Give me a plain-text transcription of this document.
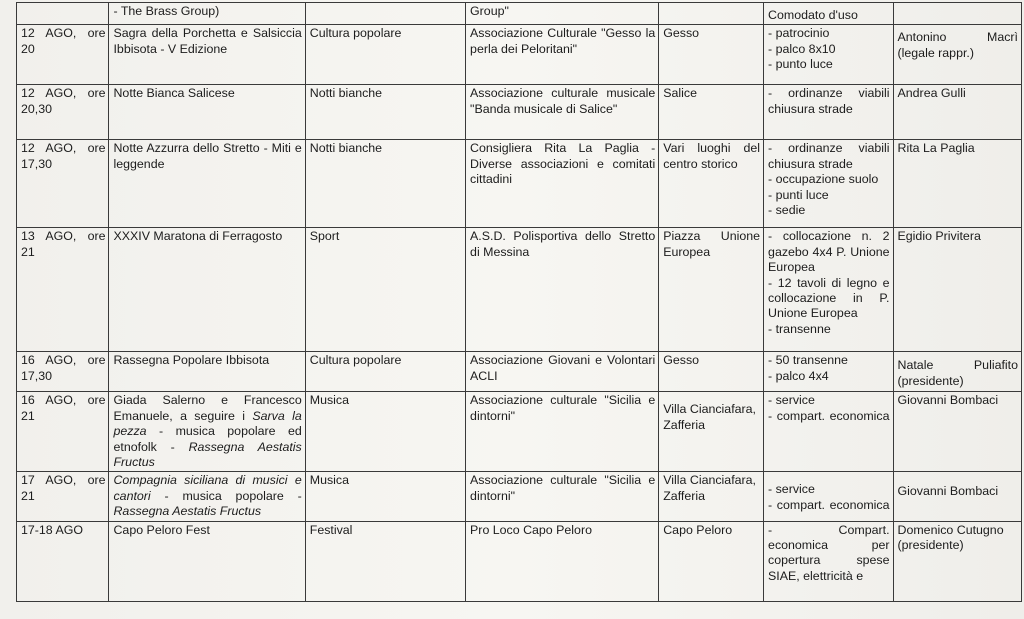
	- The Brass Group)		Group"		Comodato d'uso	
12 AGO, ore 20	Sagra della Porchetta e Salsiccia Ibbisota - V Edizione	Cultura popolare	Associazione Culturale "Gesso la perla dei Peloritani"	Gesso	- patrocinio
- palco 8x10
- punto luce	Antonino Macrì (legale rappr.)
12 AGO, ore 20,30	Notte Bianca Salicese	Notti bianche	Associazione culturale musicale "Banda musicale di Salice"	Salice	- ordinanze viabili chiusura strade	Andrea Gulli
12 AGO, ore 17,30	Notte Azzurra dello Stretto - Miti e leggende	Notti bianche	Consigliera Rita La Paglia - Diverse associazioni e comitati cittadini	Vari luoghi del centro storico	- ordinanze viabili chiusura strade
- occupazione suolo
- punti luce
- sedie	Rita La Paglia
13 AGO, ore 21	XXXIV Maratona di Ferragosto	Sport	A.S.D. Polisportiva dello Stretto di Messina	Piazza Unione Europea	- collocazione n. 2 gazebo 4x4 P. Unione Europea
- 12 tavoli di legno e collocazione in P. Unione Europea
- transenne	Egidio Privitera
16 AGO, ore 17,30	Rassegna Popolare Ibbisota	Cultura popolare	Associazione Giovani e Volontari ACLI	Gesso	- 50 transenne
- palco 4x4	Natale Puliafito (presidente)
16 AGO, ore 21	Giada Salerno e Francesco Emanuele, a seguire i Sarva la pezza - musica popolare ed etnofolk - Rassegna Aestatis Fructus	Musica	Associazione culturale "Sicilia e dintorni"	Villa Cianciafara, Zafferia	- service
- compart. economica	Giovanni Bombaci
17 AGO, ore 21	Compagnia siciliana di musici e cantori - musica popolare - Rassegna Aestatis Fructus	Musica	Associazione culturale "Sicilia e dintorni"	Villa Cianciafara, Zafferia	- service
- compart. economica	Giovanni Bombaci
17-18 AGO	Capo Peloro Fest	Festival	Pro Loco Capo Peloro	Capo Peloro	- Compart. economica per copertura spese SIAE, elettricità e	Domenico Cutugno (presidente)
